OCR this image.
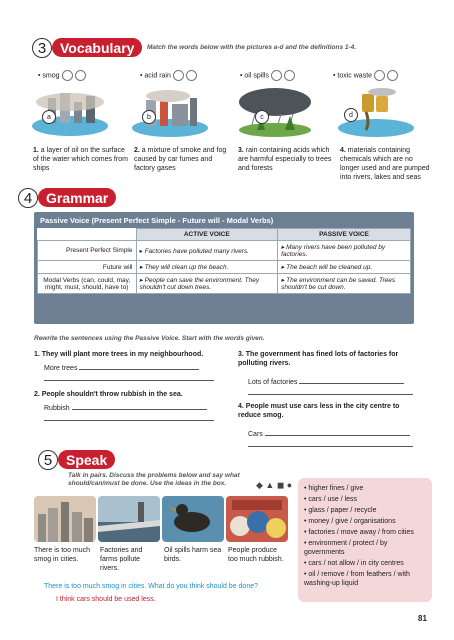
3 Vocabulary	Match the words below with the pictures a-d and the definitions 1-4.
• smog	• acid rain	• oil spills	• toxic waste
a	b	c	d
1. a layer of oil on the surface of the water which comes from ships
2. a mixture of smoke and fog caused by car fumes and factory gases
3. rain containing acids which are harmful especially to trees and forests
4. materials containing chemicals which are no longer used and are pumped into rivers, lakes and seas
4 Grammar
Passive Voice (Present Perfect Simple - Future will - Modal Verbs)
	ACTIVE VOICE	PASSIVE VOICE
Present Perfect Simple	▸ Factories have polluted many rivers.	▸ Many rivers have been polluted by factories.
Future will	▸ They will clean up the beach.	▸ The beach will be cleaned up.
Modal Verbs (can, could, may, might, must, should, have to)	▸ People can save the environment. They shouldn't cut down trees.	▸ The environment can be saved. Trees shouldn't be cut down.
Rewrite the sentences using the Passive Voice. Start with the words given.
1. They will plant more trees in my neighbourhood.
More trees
2. People shouldn't throw rubbish in the sea.
Rubbish
3. The government has fined lots of factories for polluting rivers.
Lots of factories
4. People must use cars less in the city centre to reduce smog.
Cars
5 Speak
Talk in pairs. Discuss the problems below and say what should/can/must be done. Use the ideas in the box.	◆ ▲ ◼ ●
There is too much smog in cities.
Factories and farms pollute rivers.
Oil spills harm sea birds.
People produce too much rubbish.
There is too much smog in cities. What do you think should be done?
I think cars should be used less.
• higher fines / give
• cars / use / less
• glass / paper / recycle
• money / give / organisations
• factories / move away / from cities
• environment / protect / by governments
• cars / not allow / in city centres
• oil / remove / from feathers / with washing-up liquid
81
